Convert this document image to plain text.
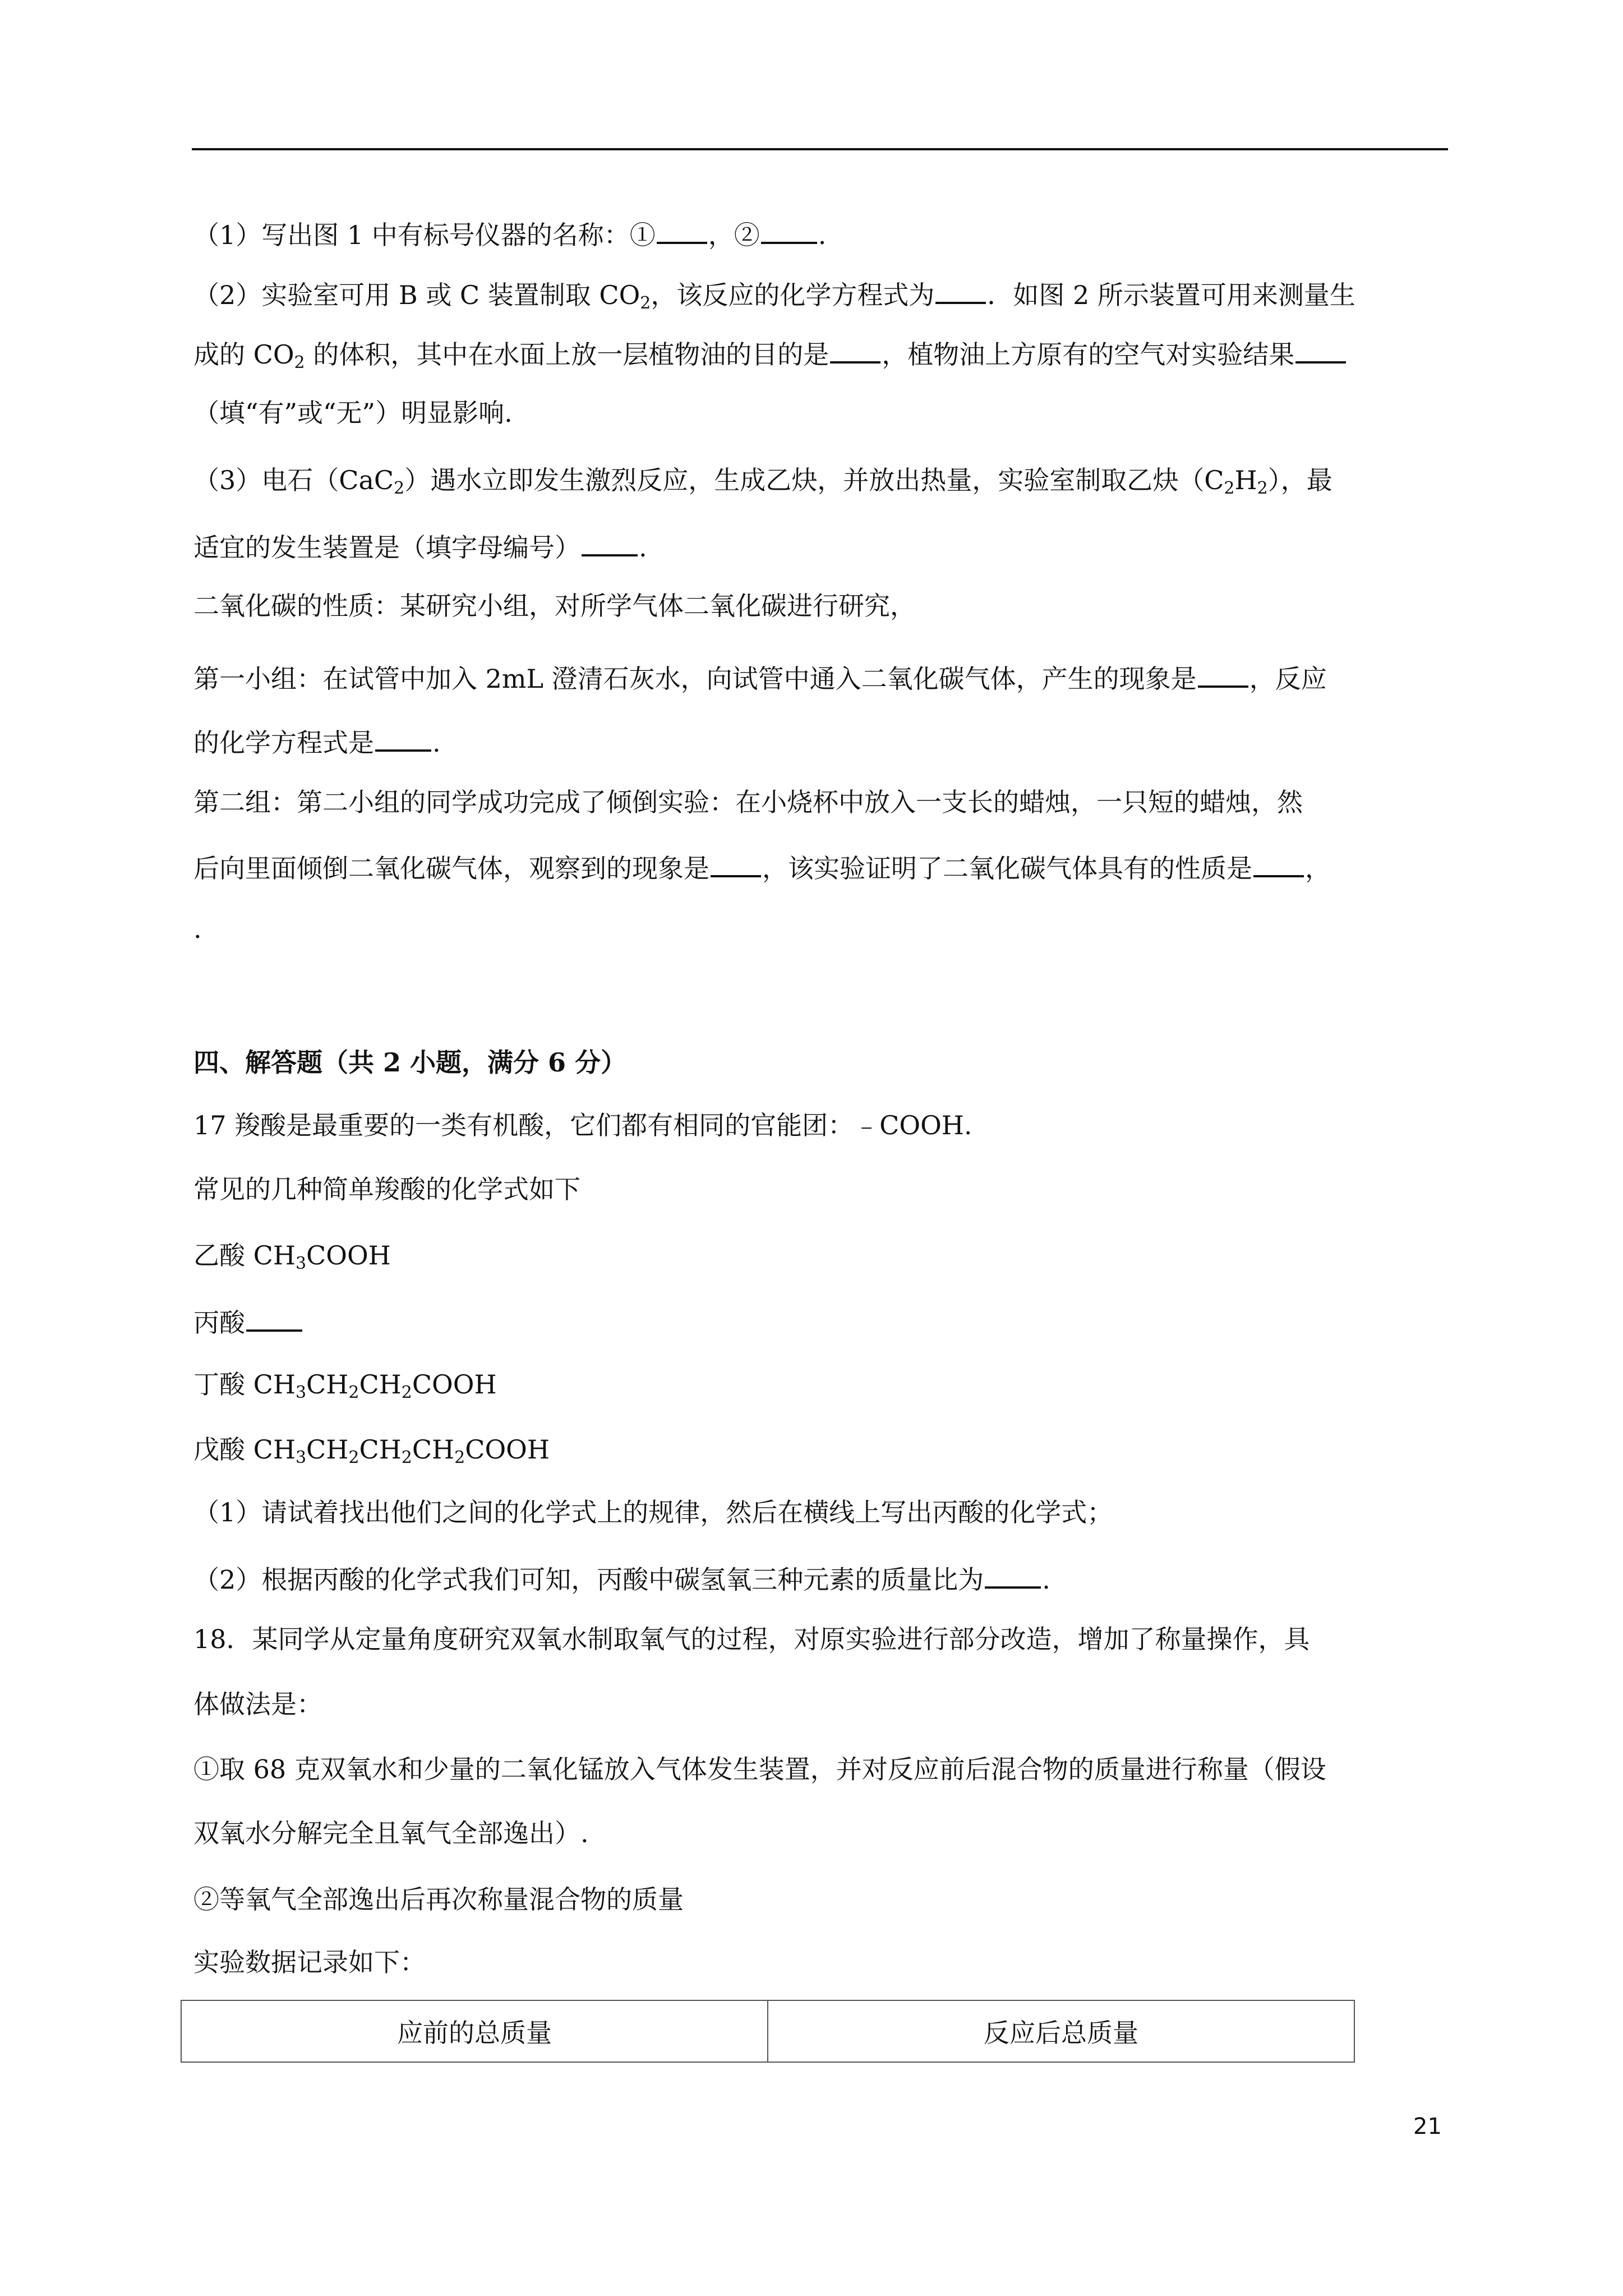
（1）写出图 1 中有标号仪器的名称：① ，② .
（2）实验室可用 B 或 C 装置制取 $CO_2$，该反应的化学方程式为 ．如图 2 所示装置可用来测量生
成的 $CO_2$ 的体积，其中在水面上放一层植物油的目的是 ，植物油上方原有的空气对实验结果
（填“有”或“无”）明显影响.
（3）电石（CaC$_2$）遇水立即发生激烈反应，生成乙炔，并放出热量，实验室制取乙炔$(C_2H_2)$，最
适宜的发生装置是（填字母编号） .
二氧化碳的性质：某研究小组，对所学气体二氧化碳进行研究，
第一小组：在试管中加入 2mL 澄清石灰水，向试管中通入二氧化碳气体，产生的现象是 ，反应
的化学方程式是 .
第二组：第二小组的同学成功完成了倾倒实验：在小烧杯中放入一支长的蜡烛，一只短的蜡烛，然
后向里面倾倒二氧化碳气体，观察到的现象是 ，该实验证明了二氧化碳气体具有的性质是 ，
.
四、解答题（共 2 小题，满分 6 分）
17 羧酸是最重要的一类有机酸，它们都有相同的官能团：﹣COOH.
常见的几种简单羧酸的化学式如下
乙酸 $CH_3COOH$
丙酸
丁酸 $CH_3CH_2CH_2COOH$
戊酸 $CH_3CH_2CH_2CH_2COOH$
（1）请试着找出他们之间的化学式上的规律，然后在横线上写出丙酸的化学式；
（2）根据丙酸的化学式我们可知，丙酸中碳氢氧三种元素的质量比为 .
18．某同学从定量角度研究双氧水制取氧气的过程，对原实验进行部分改造，增加了称量操作，具
体做法是：
①取 68 克双氧水和少量的二氧化锰放入气体发生装置，并对反应前后混合物的质量进行称量（假设
双氧水分解完全且氧气全部逸出）.
②等氧气全部逸出后再次称量混合物的质量
实验数据记录如下：
应前的总质量	反应后总质量
21
